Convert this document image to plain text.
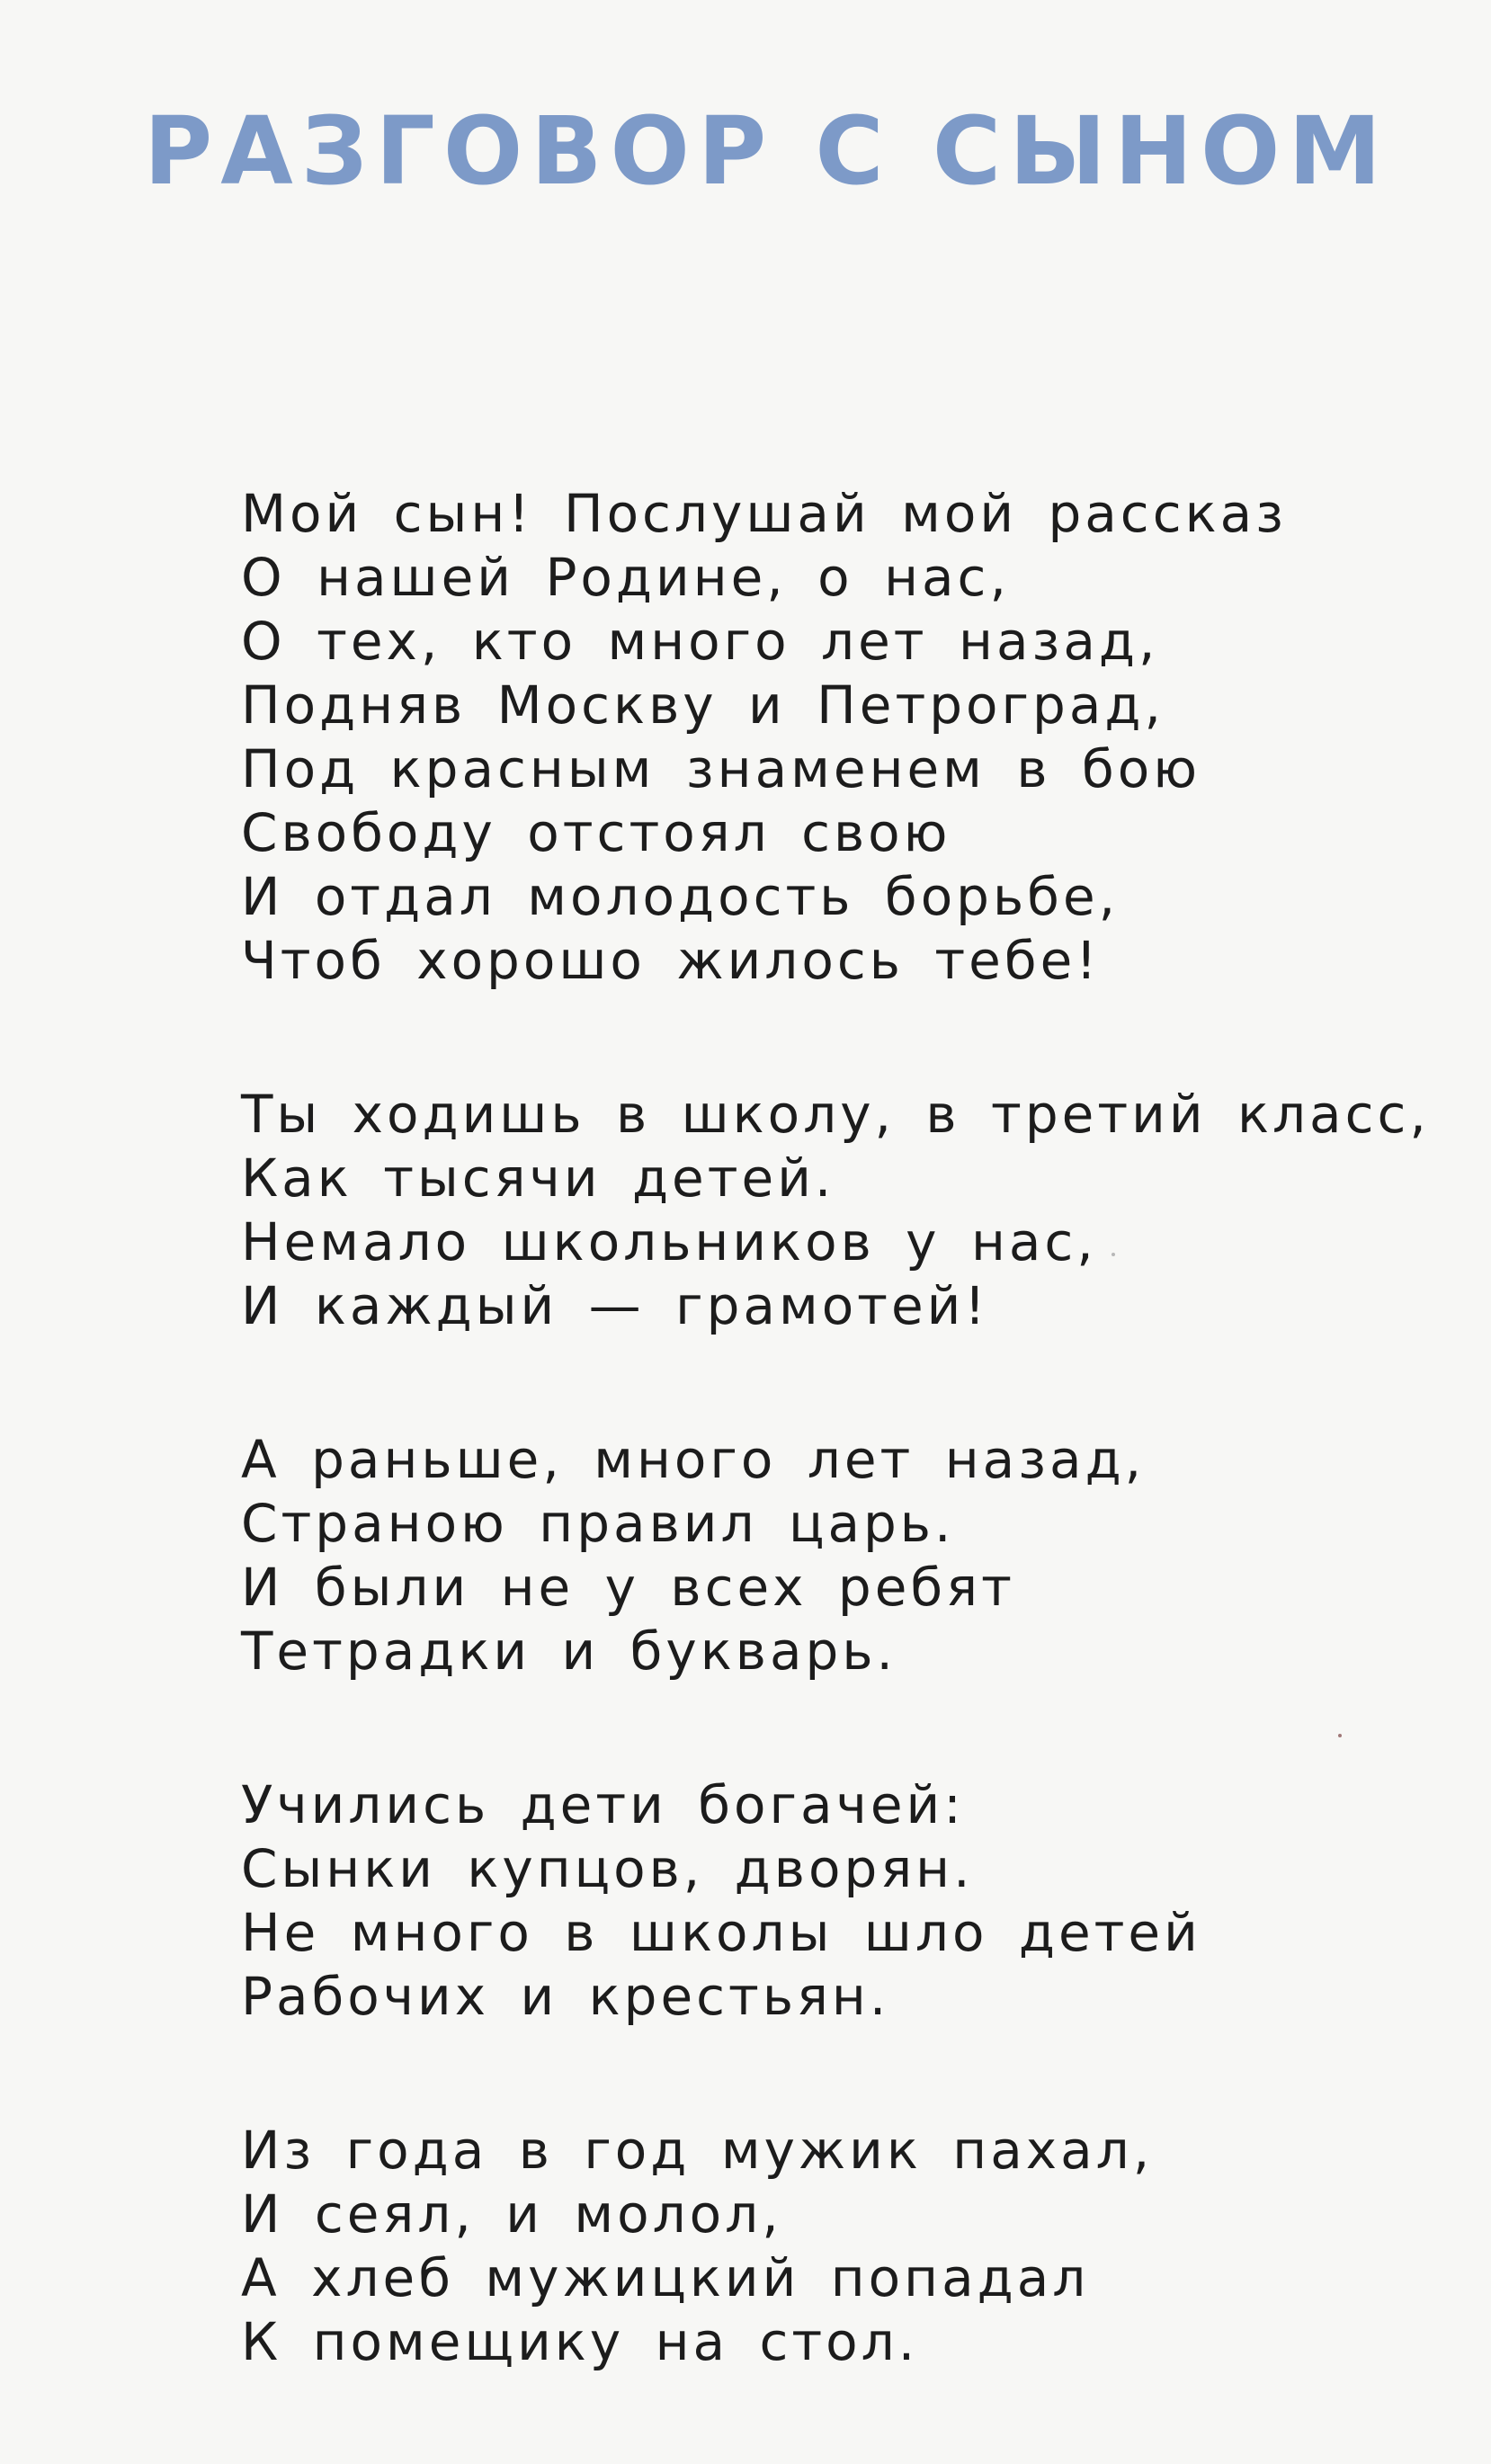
РАЗГОВОР С СЫНОМ
Мой сын! Послушай мой рассказ
О нашей Родине, о нас,
О тех, кто много лет назад,
Подняв Москву и Петроград,
Под красным знаменем в бою
Свободу отстоял свою
И отдал молодость борьбе,
Чтоб хорошо жилось тебе!
Ты ходишь в школу, в третий класс,
Как тысячи детей.
Немало школьников у нас,
И каждый — грамотей!
А раньше, много лет назад,
Страною правил царь.
И были не у всех ребят
Тетрадки и букварь.
Учились дети богачей:
Сынки купцов, дворян.
Не много в школы шло детей
Рабочих и крестьян.
Из года в год мужик пахал,
И сеял, и молол,
А хлеб мужицкий попадал
К помещику на стол.
